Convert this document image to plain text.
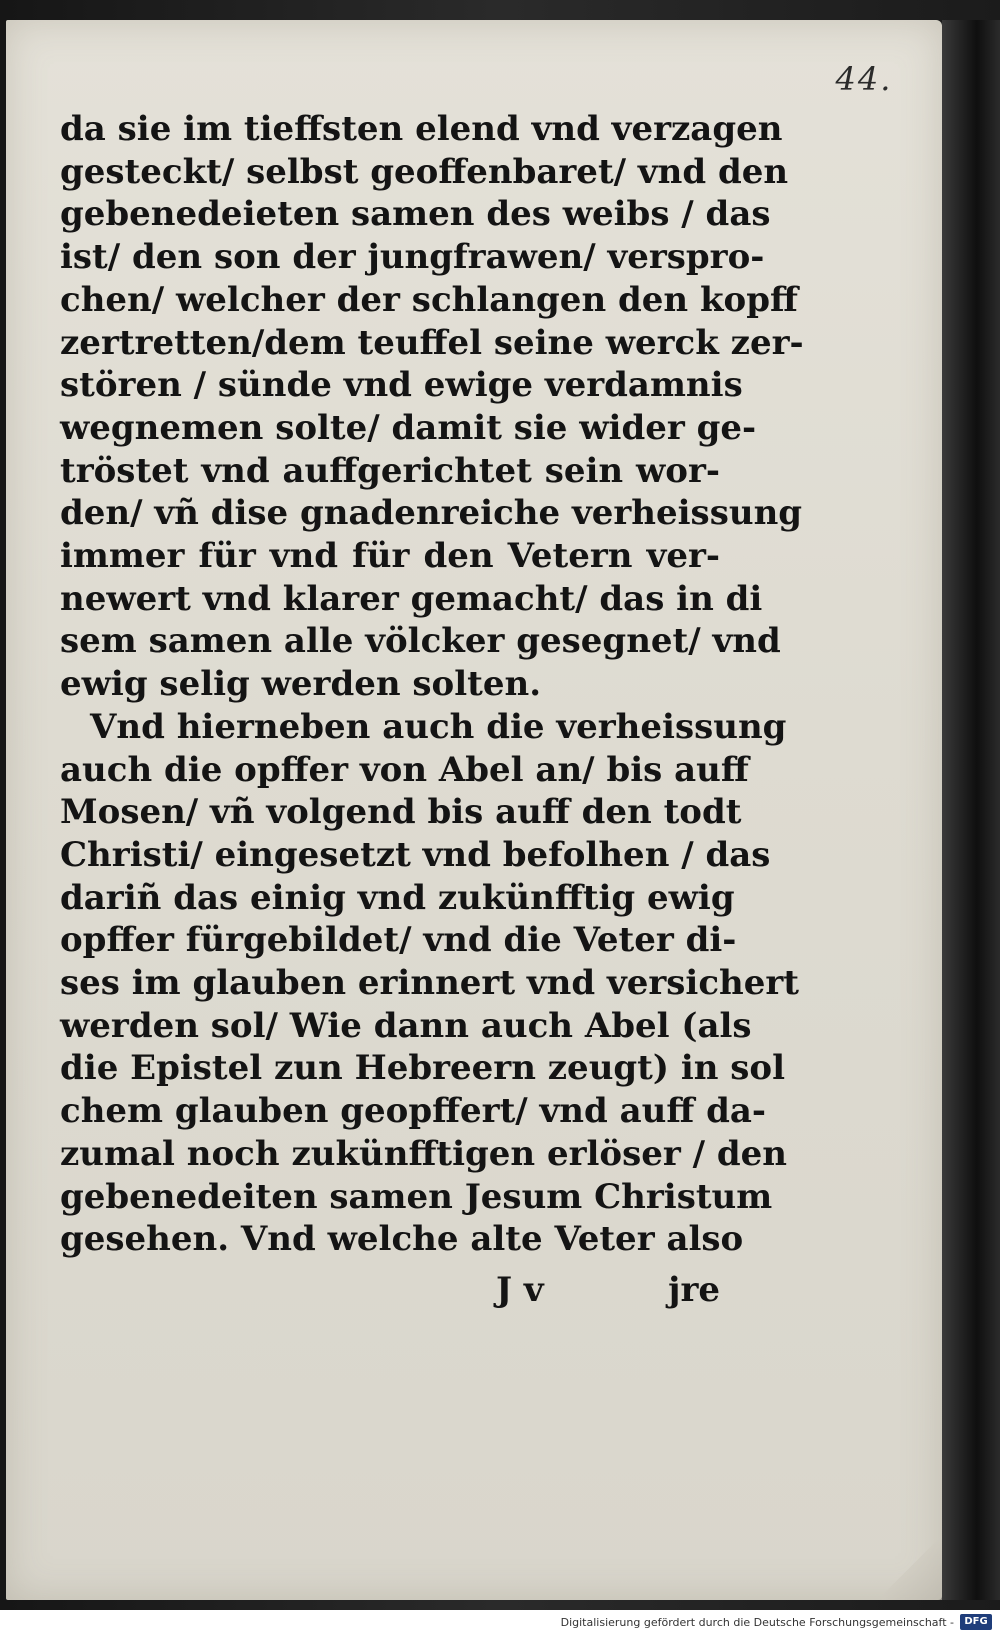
44.
da sie im tieffsten elend vnd verzagen
gesteckt/ selbst geoffenbaret/ vnd den
gebenedeieten samen des weibs / das
ist/ den son der jungfrawen/ verspro-
chen/ welcher der schlangen den kopff
zertretten/dem teuffel seine werck zer-
stören / sünde vnd ewige verdamnis
wegnemen solte/ damit sie wider ge-
tröstet vnd auffgerichtet sein wor-
den/ vñ dise gnadenreiche verheissung
immer für vnd für den Vetern ver-
newert vnd klarer gemacht/ das in di
sem samen alle völcker gesegnet/ vnd
ewig selig werden solten.
Vnd hierneben auch die verheissung
auch die opffer von Abel an/ bis auff
Mosen/ vñ volgend bis auff den todt
Christi/ eingesetzt vnd befolhen / das
dariñ das einig vnd zukünfftig ewig
opffer fürgebildet/ vnd die Veter di-
ses im glauben erinnert vnd versichert
werden sol/ Wie dann auch Abel (als
die Epistel zun Hebreern zeugt) in sol
chem glauben geopffert/ vnd auff da-
zumal noch zukünfftigen erlöser / den
gebenedeiten samen Jesum Christum
gesehen. Vnd welche alte Veter also
J v	jre
Digitalisierung gefördert durch die Deutsche Forschungsgemeinschaft -	DFG
